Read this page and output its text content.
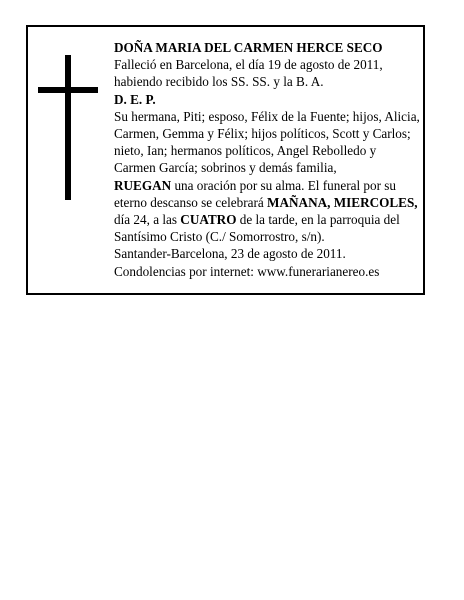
DOÑA MARIA DEL CARMEN HERCE SECO

Falleció en Barcelona, el día 19 de agosto de 2011, habiendo recibido los SS. SS. y la B. A.

D. E. P.

Su hermana, Piti; esposo, Félix de la Fuente; hijos, Alicia, Carmen, Gemma y Félix; hijos políticos, Scott y Carlos; nieto, Ian; hermanos políticos, Angel Rebolledo y Carmen García; sobrinos y demás familia,

RUEGAN una oración por su alma. El funeral por su eterno descanso se celebrará MAÑANA, MIERCOLES, día 24, a las CUATRO de la tarde, en la parroquia del Santísimo Cristo (C./ Somorrostro, s/n).

Santander-Barcelona, 23 de agosto de 2011.

Condolencias por internet: www.funerarianereo.es
